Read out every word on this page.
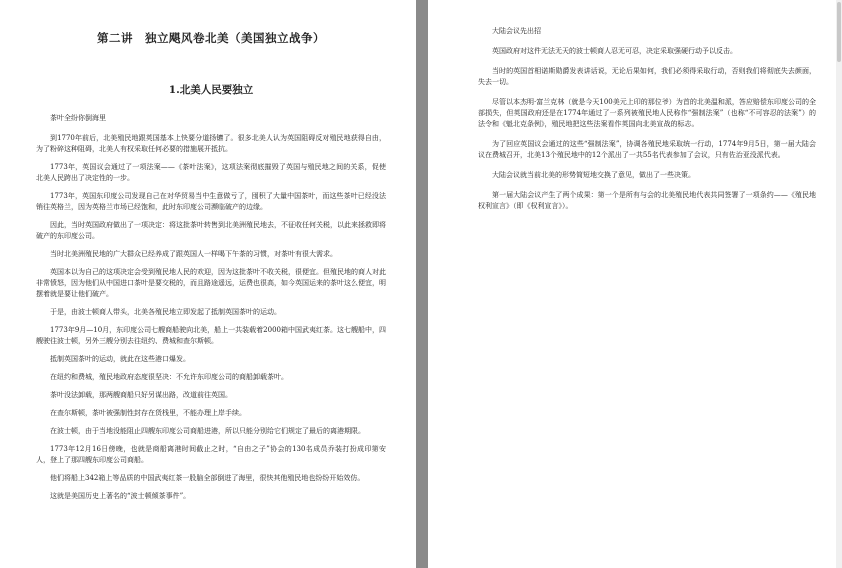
第二讲　独立飓风卷北美（美国独立战争）
1.北美人民要独立

茶叶全纷你倒海里

到1770年前后，北美殖民地跟英国基本上快要分道扬镳了。很多北美人认为英国阻碍反对殖民地获得自由，为了粉碎这种阻碍，北美人有权采取任何必要的措施展开抵抗。

1773年，英国议会通过了一项法案——《茶叶法案》，这项法案彻底摧毁了英国与殖民地之间的关系，促使北美人民跨出了决定性的一步。

1773年，英国东印度公司发现自己在对华贸易当中生意做亏了，囤积了大量中国茶叶，而这些茶叶已经没法销往英格兰，因为英格兰市场已经饱和，此时东印度公司濒临破产的边缘。

因此，当时英国政府做出了一项决定：将这批茶叶转售到北美洲殖民地去，不征收任何关税，以此来拯救即将破产的东印度公司。

当时北美洲殖民地的广大群众已经养成了跟英国人一样喝下午茶的习惯，对茶叶有很大需求。

英国本以为自己的这项决定会受到殖民地人民的欢迎，因为这批茶叶不收关税，很便宜。但殖民地的商人对此非常愤怒，因为他们从中国进口茶叶是要交税的，而且路途遥远，运费也很高，如今英国运来的茶叶这么便宜，明摆着就是要让他们破产。

于是，由波士顿商人带头，北美各殖民地立即发起了抵制英国茶叶的运动。

1773年9月—10月，东印度公司七艘商船驶向北美，船上一共装载着2000箱中国武夷红茶。这七艘船中，四艘驶往波士顿，另外三艘分别去往纽约、费城和查尔斯顿。

抵制英国茶叶的运动，就此在这些港口爆发。

在纽约和费城，殖民地政府态度很坚决：不允许东印度公司的商船卸载茶叶。

茶叶没法卸载，那两艘商船只好另谋出路，改道前往英国。

在查尔斯顿，茶叶被强制性封存在货栈里，不能办理上岸手续。

在波士顿，由于当地没能阻止四艘东印度公司商船进港，所以只能分别给它们规定了最后的离港期限。

1773年12月16日傍晚，也就是商船离港时间截止之时，“自由之子”协会的130名成员乔装打扮成印第安人，登上了那四艘东印度公司商船。

他们将船上342箱上等品质的中国武夷红茶一股脑全部倒进了海里，很快其他殖民地也纷纷开始效仿。

这就是美国历史上著名的“波士顿倾茶事件”。

大陆会议先出招

英国政府对这件无法无天的波士顿商人忍无可忍，决定采取强硬行动予以反击。

当时的英国首相诺斯勋爵发表讲话说，无论后果如何，我们必须得采取行动，否则我们将彻底失去颜面，失去一切。

尽管以本杰明·富兰克林（就是今天100美元上印的那位爷）为首的北美温和派，答应赔偿东印度公司的全部损失，但英国政府还是在1774年通过了一系列被殖民地人民称作“强制法案”（也称“不可容忍的法案”）的法令和《魁北克条例》，殖民地把这些法案看作英国向北美宣战的标志。

为了回应英国议会通过的这些“强制法案”，协调各殖民地采取统一行动，1774年9月5日，第一届大陆会议在费城召开，北美13个殖民地中的12个派出了一共55名代表参加了会议，只有佐治亚没派代表。

大陆会议就当前北美的形势简短地交换了意见，做出了一些决策。

第一届大陆会议产生了两个成果：第一个是所有与会的北美殖民地代表共同签署了一项条约——《殖民地权利宣言》（即《权利宣言》）。
